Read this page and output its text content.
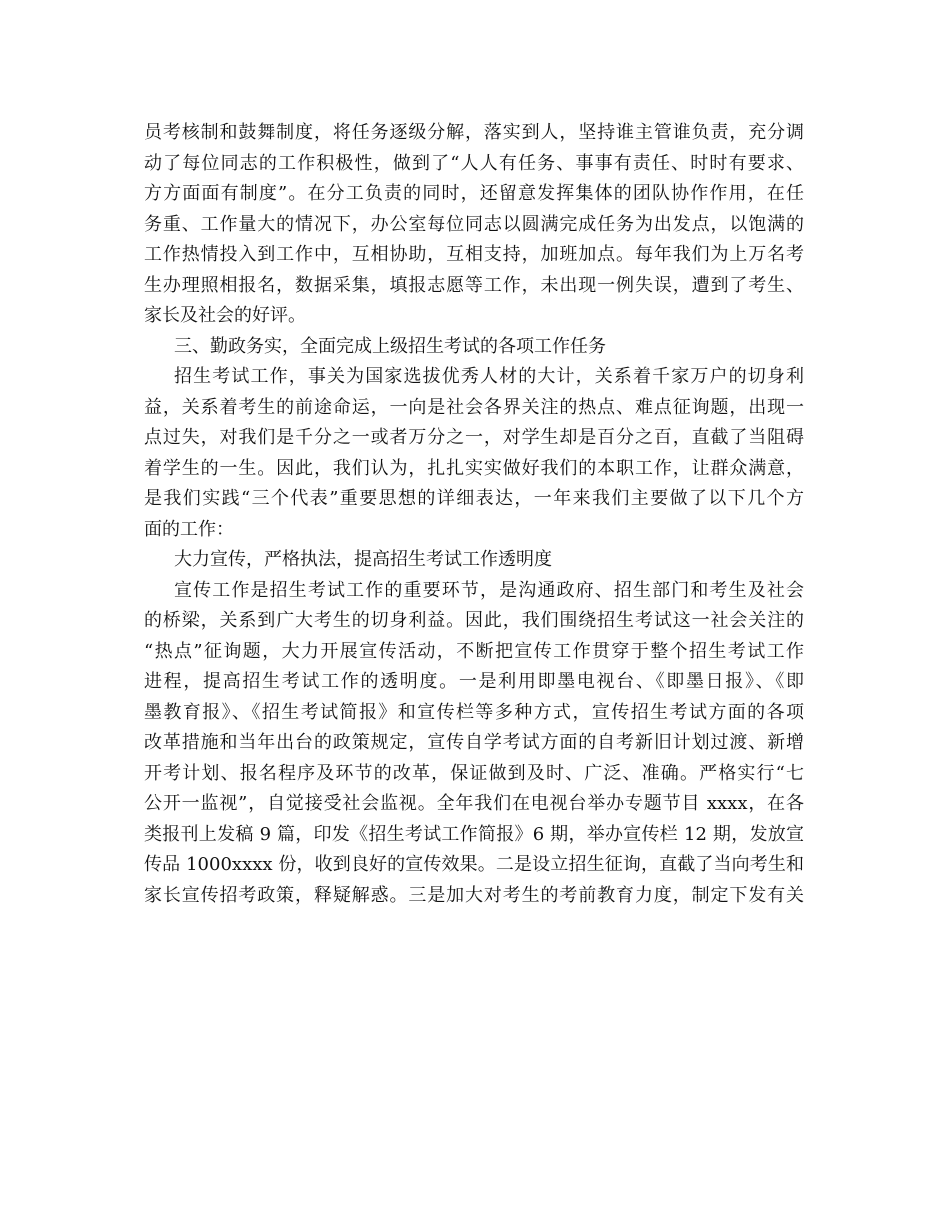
员考核制和鼓舞制度，将任务逐级分解，落实到人，坚持谁主管谁负责，充分调
动了每位同志的工作积极性，做到了“人人有任务、事事有责任、时时有要求、
方方面面有制度”。在分工负责的同时，还留意发挥集体的团队协作作用，在任
务重、工作量大的情况下，办公室每位同志以圆满完成任务为出发点，以饱满的
工作热情投入到工作中，互相协助，互相支持，加班加点。每年我们为上万名考
生办理照相报名，数据采集，填报志愿等工作，未出现一例失误，遭到了考生、
家长及社会的好评。
三、勤政务实，全面完成上级招生考试的各项工作任务
招生考试工作，事关为国家选拔优秀人材的大计，关系着千家万户的切身利
益，关系着考生的前途命运，一向是社会各界关注的热点、难点征询题，出现一
点过失，对我们是千分之一或者万分之一，对学生却是百分之百，直截了当阻碍
着学生的一生。因此，我们认为，扎扎实实做好我们的本职工作，让群众满意，
是我们实践“三个代表”重要思想的详细表达，一年来我们主要做了以下几个方
面的工作：
大力宣传，严格执法，提高招生考试工作透明度
宣传工作是招生考试工作的重要环节，是沟通政府、招生部门和考生及社会
的桥梁，关系到广大考生的切身利益。因此，我们围绕招生考试这一社会关注的
“热点”征询题，大力开展宣传活动，不断把宣传工作贯穿于整个招生考试工作
进程，提高招生考试工作的透明度。一是利用即墨电视台、《即墨日报》、《即
墨教育报》、《招生考试简报》和宣传栏等多种方式，宣传招生考试方面的各项
改革措施和当年出台的政策规定，宣传自学考试方面的自考新旧计划过渡、新增
开考计划、报名程序及环节的改革，保证做到及时、广泛、准确。严格实行“七
公开一监视”，自觉接受社会监视。全年我们在电视台举办专题节目 xxxx，在各
类报刊上发稿 9 篇，印发《招生考试工作简报》6 期，举办宣传栏 12 期，发放宣
传品 1000xxxx 份，收到良好的宣传效果。二是设立招生征询，直截了当向考生和
家长宣传招考政策，释疑解惑。三是加大对考生的考前教育力度，制定下发有关
